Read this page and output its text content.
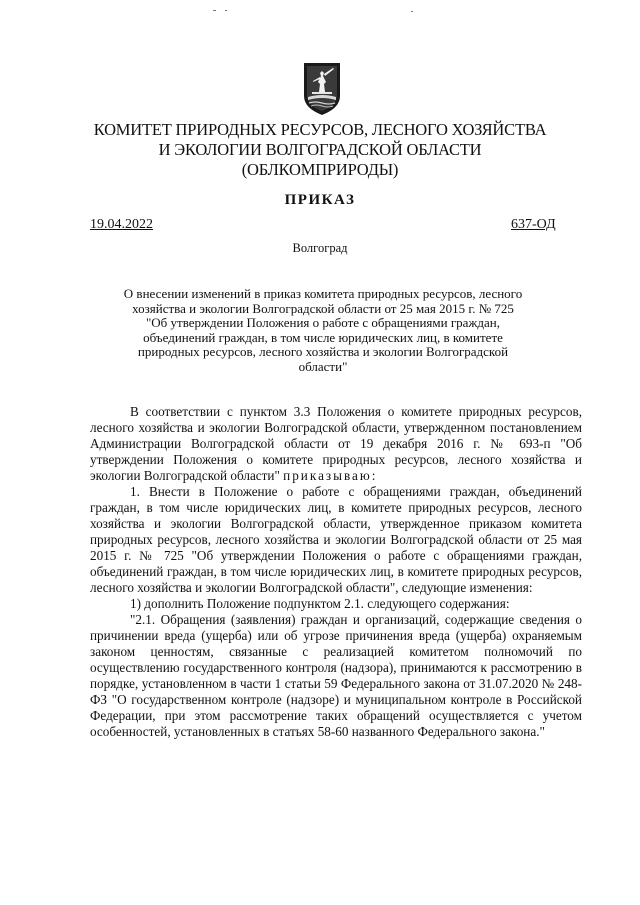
КОМИТЕТ ПРИРОДНЫХ РЕСУРСОВ, ЛЕСНОГО ХОЗЯЙСТВА
И ЭКОЛОГИИ ВОЛГОГРАДСКОЙ ОБЛАСТИ
(ОБЛКОМПРИРОДЫ)
ПРИКАЗ
19.04.2022	637-ОД
Волгоград
О внесении изменений в приказ комитета природных ресурсов, лесного
хозяйства и экологии Волгоградской области от 25 мая 2015 г. № 725
"Об утверждении Положения о работе с обращениями граждан,
объединений граждан, в том числе юридических лиц, в комитете
природных ресурсов, лесного хозяйства и экологии Волгоградской
области"

В соответствии с пунктом 3.3 Положения о комитете природных ресурсов, лесного хозяйства и экологии Волгоградской области, утвержденном постановлением Администрации Волгоградской области от 19 декабря 2016 г. № 693-п "Об утверждении Положения о комитете природных ресурсов, лесного хозяйства и экологии Волгоградской области" приказываю:

1. Внести в Положение о работе с обращениями граждан, объединений граждан, в том числе юридических лиц, в комитете природных ресурсов, лесного хозяйства и экологии Волгоградской области, утвержденное приказом комитета природных ресурсов, лесного хозяйства и экологии Волгоградской области от 25 мая 2015 г. № 725 "Об утверждении Положения о работе с обращениями граждан, объединений граждан, в том числе юридических лиц, в комитете природных ресурсов, лесного хозяйства и экологии Волгоградской области", следующие изменения:

1) дополнить Положение подпунктом 2.1. следующего содержания:

"2.1. Обращения (заявления) граждан и организаций, содержащие сведения о причинении вреда (ущерба) или об угрозе причинения вреда (ущерба) охраняемым законом ценностям, связанные с реализацией комитетом полномочий по осуществлению государственного контроля (надзора), принимаются к рассмотрению в порядке, установленном в части 1 статьи 59 Федерального закона от 31.07.2020 № 248-ФЗ "О государственном контроле (надзоре) и муниципальном контроле в Российской Федерации, при этом рассмотрение таких обращений осуществляется с учетом особенностей, установленных в статьях 58-60 названного Федерального закона."
